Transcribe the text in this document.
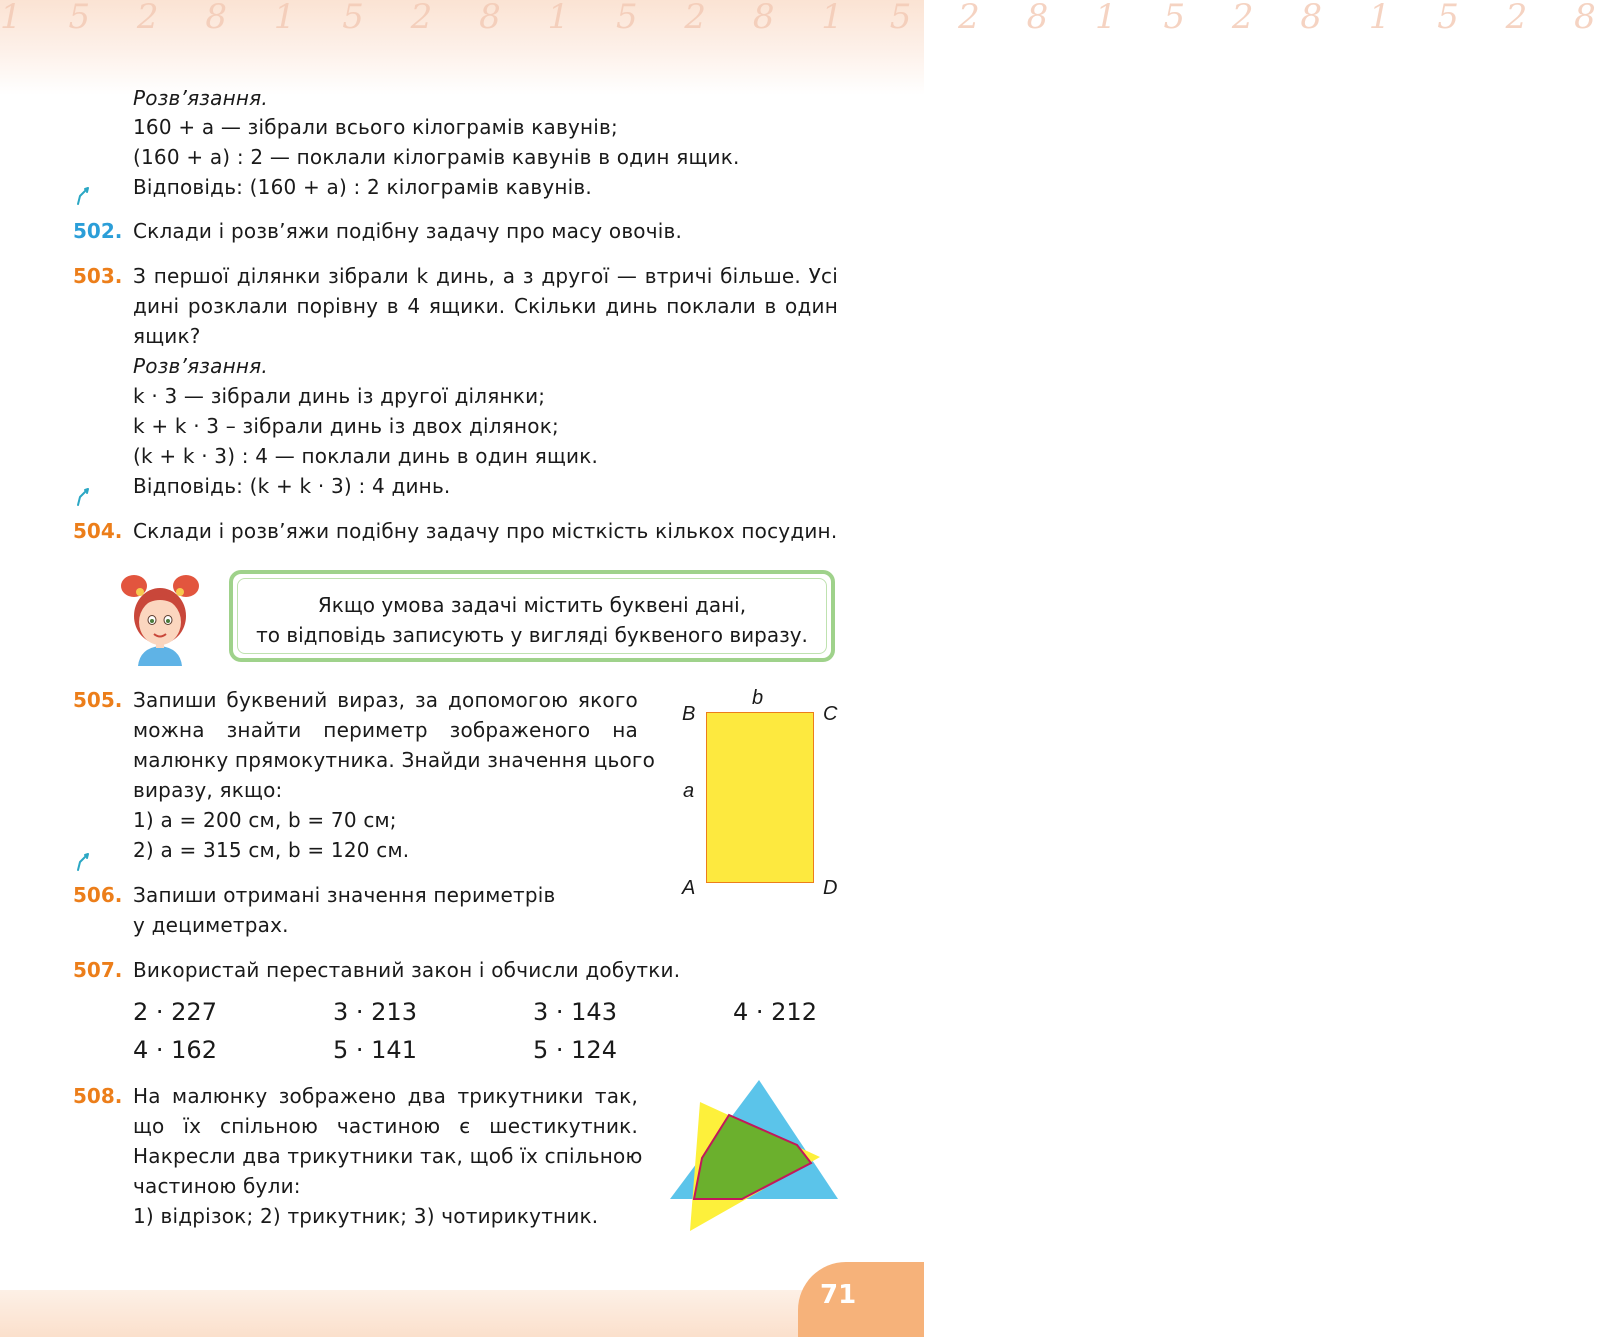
1 5 2 8 1 5 2 8 1 5 2 8 1 5 2 8 1 5 2 8 1 5 2 8
Розв’язання.
160 + a — зібрали всього кілограмів кавунів;
(160 + a) : 2 — поклали кілограмів кавунів в один ящик.
Відповідь: (160 + a) : 2 кілограмів кавунів.
502. Склади і розв’яжи подібну задачу про масу овочів.
503. З першої ділянки зібрали k динь, а з другої — втричі більше. Усі
дині розклали порівну в 4 ящики. Скільки динь поклали в один
ящик?
Розв’язання.
k · 3 — зібрали динь із другої ділянки;
k + k · 3 – зібрали динь із двох ділянок;
(k + k · 3) : 4 — поклали динь в один ящик.
Відповідь: (k + k · 3) : 4 динь.
504. Склади і розв’яжи подібну задачу про місткість кількох посудин.
Якщо умова задачі містить буквені дані,
то відповідь записують у вигляді буквеного виразу.
505. Запиши буквений вираз, за допомогою якого
можна знайти периметр зображеного на
малюнку прямокутника. Знайди значення цього
виразу, якщо:
1) a = 200 см, b = 70 см;
2) a = 315 см, b = 120 см.
B	C
A	D
b
a
506. Запиши отримані значення периметрів
у дециметрах.
507. Використай переставний закон і обчисли добутки.
2 · 227	3 · 213	3 · 143	4 · 212
4 · 162	5 · 141	5 · 124
508. На малюнку зображено два трикутники так,
що їх спільною частиною є шестикутник.
Накресли два трикутники так, щоб їх спільною
частиною були:
1) відрізок; 2) трикутник; 3) чотирикутник.
71
